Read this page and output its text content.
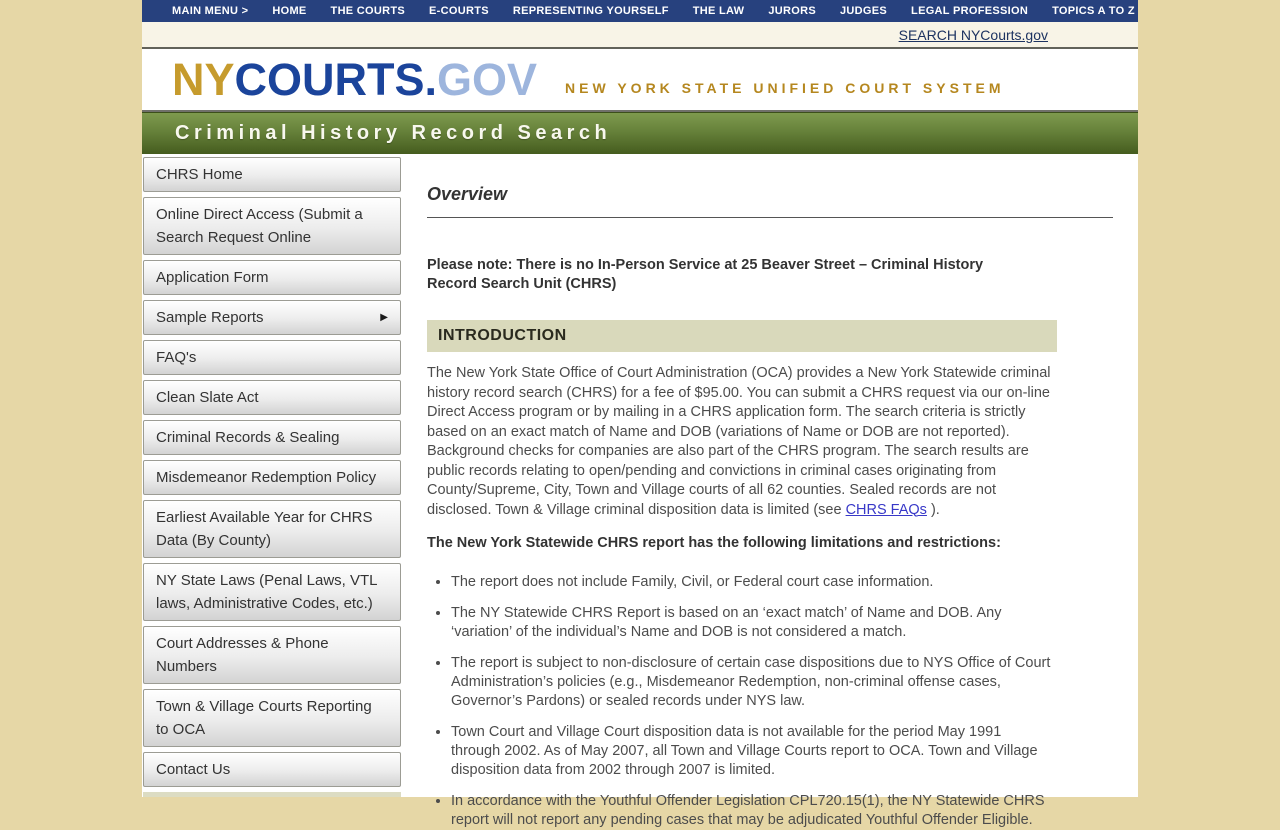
MAIN MENU >	HOME	THE COURTS	E-COURTS	REPRESENTING YOURSELF	THE LAW	JURORS	JUDGES	LEGAL PROFESSION	TOPICS A TO Z
SEARCH NYCourts.gov
NYCOURTS.GOV NEW YORK STATE UNIFIED COURT SYSTEM
Criminal History Record Search
CHRS Home
Online Direct Access (Submit a Search Request Online
Application Form
Sample Reports	▶
FAQ's
Clean Slate Act
Criminal Records & Sealing
Misdemeanor Redemption Policy
Earliest Available Year for CHRS Data (By County)
NY State Laws (Penal Laws, VTL laws, Administrative Codes, etc.)
Court Addresses & Phone Numbers
Town & Village Courts Reporting to OCA
Contact Us
Overview
Please note: There is no In-Person Service at 25 Beaver Street – Criminal History Record Search Unit (CHRS)
INTRODUCTION
The New York State Office of Court Administration (OCA) provides a New York Statewide criminal history record search (CHRS) for a fee of $95.00. You can submit a CHRS request via our on-line Direct Access program or by mailing in a CHRS application form. The search criteria is strictly based on an exact match of Name and DOB (variations of Name or DOB are not reported). Background checks for companies are also part of the CHRS program. The search results are public records relating to open/pending and convictions in criminal cases originating from County/Supreme, City, Town and Village courts of all 62 counties. Sealed records are not disclosed. Town & Village criminal disposition data is limited (see CHRS FAQs ).
The New York Statewide CHRS report has the following limitations and restrictions:
• The report does not include Family, Civil, or Federal court case information.
• The NY Statewide CHRS Report is based on an ‘exact match’ of Name and DOB. Any ‘variation’ of the individual’s Name and DOB is not considered a match.
• The report is subject to non-disclosure of certain case dispositions due to NYS Office of Court Administration’s policies (e.g., Misdemeanor Redemption, non-criminal offense cases, Governor’s Pardons) or sealed records under NYS law.
• Town Court and Village Court disposition data is not available for the period May 1991 through 2002. As of May 2007, all Town and Village Courts report to OCA. Town and Village disposition data from 2002 through 2007 is limited.
• In accordance with the Youthful Offender Legislation CPL720.15(1), the NY Statewide CHRS report will not report any pending cases that may be adjudicated Youthful Offender Eligible.
